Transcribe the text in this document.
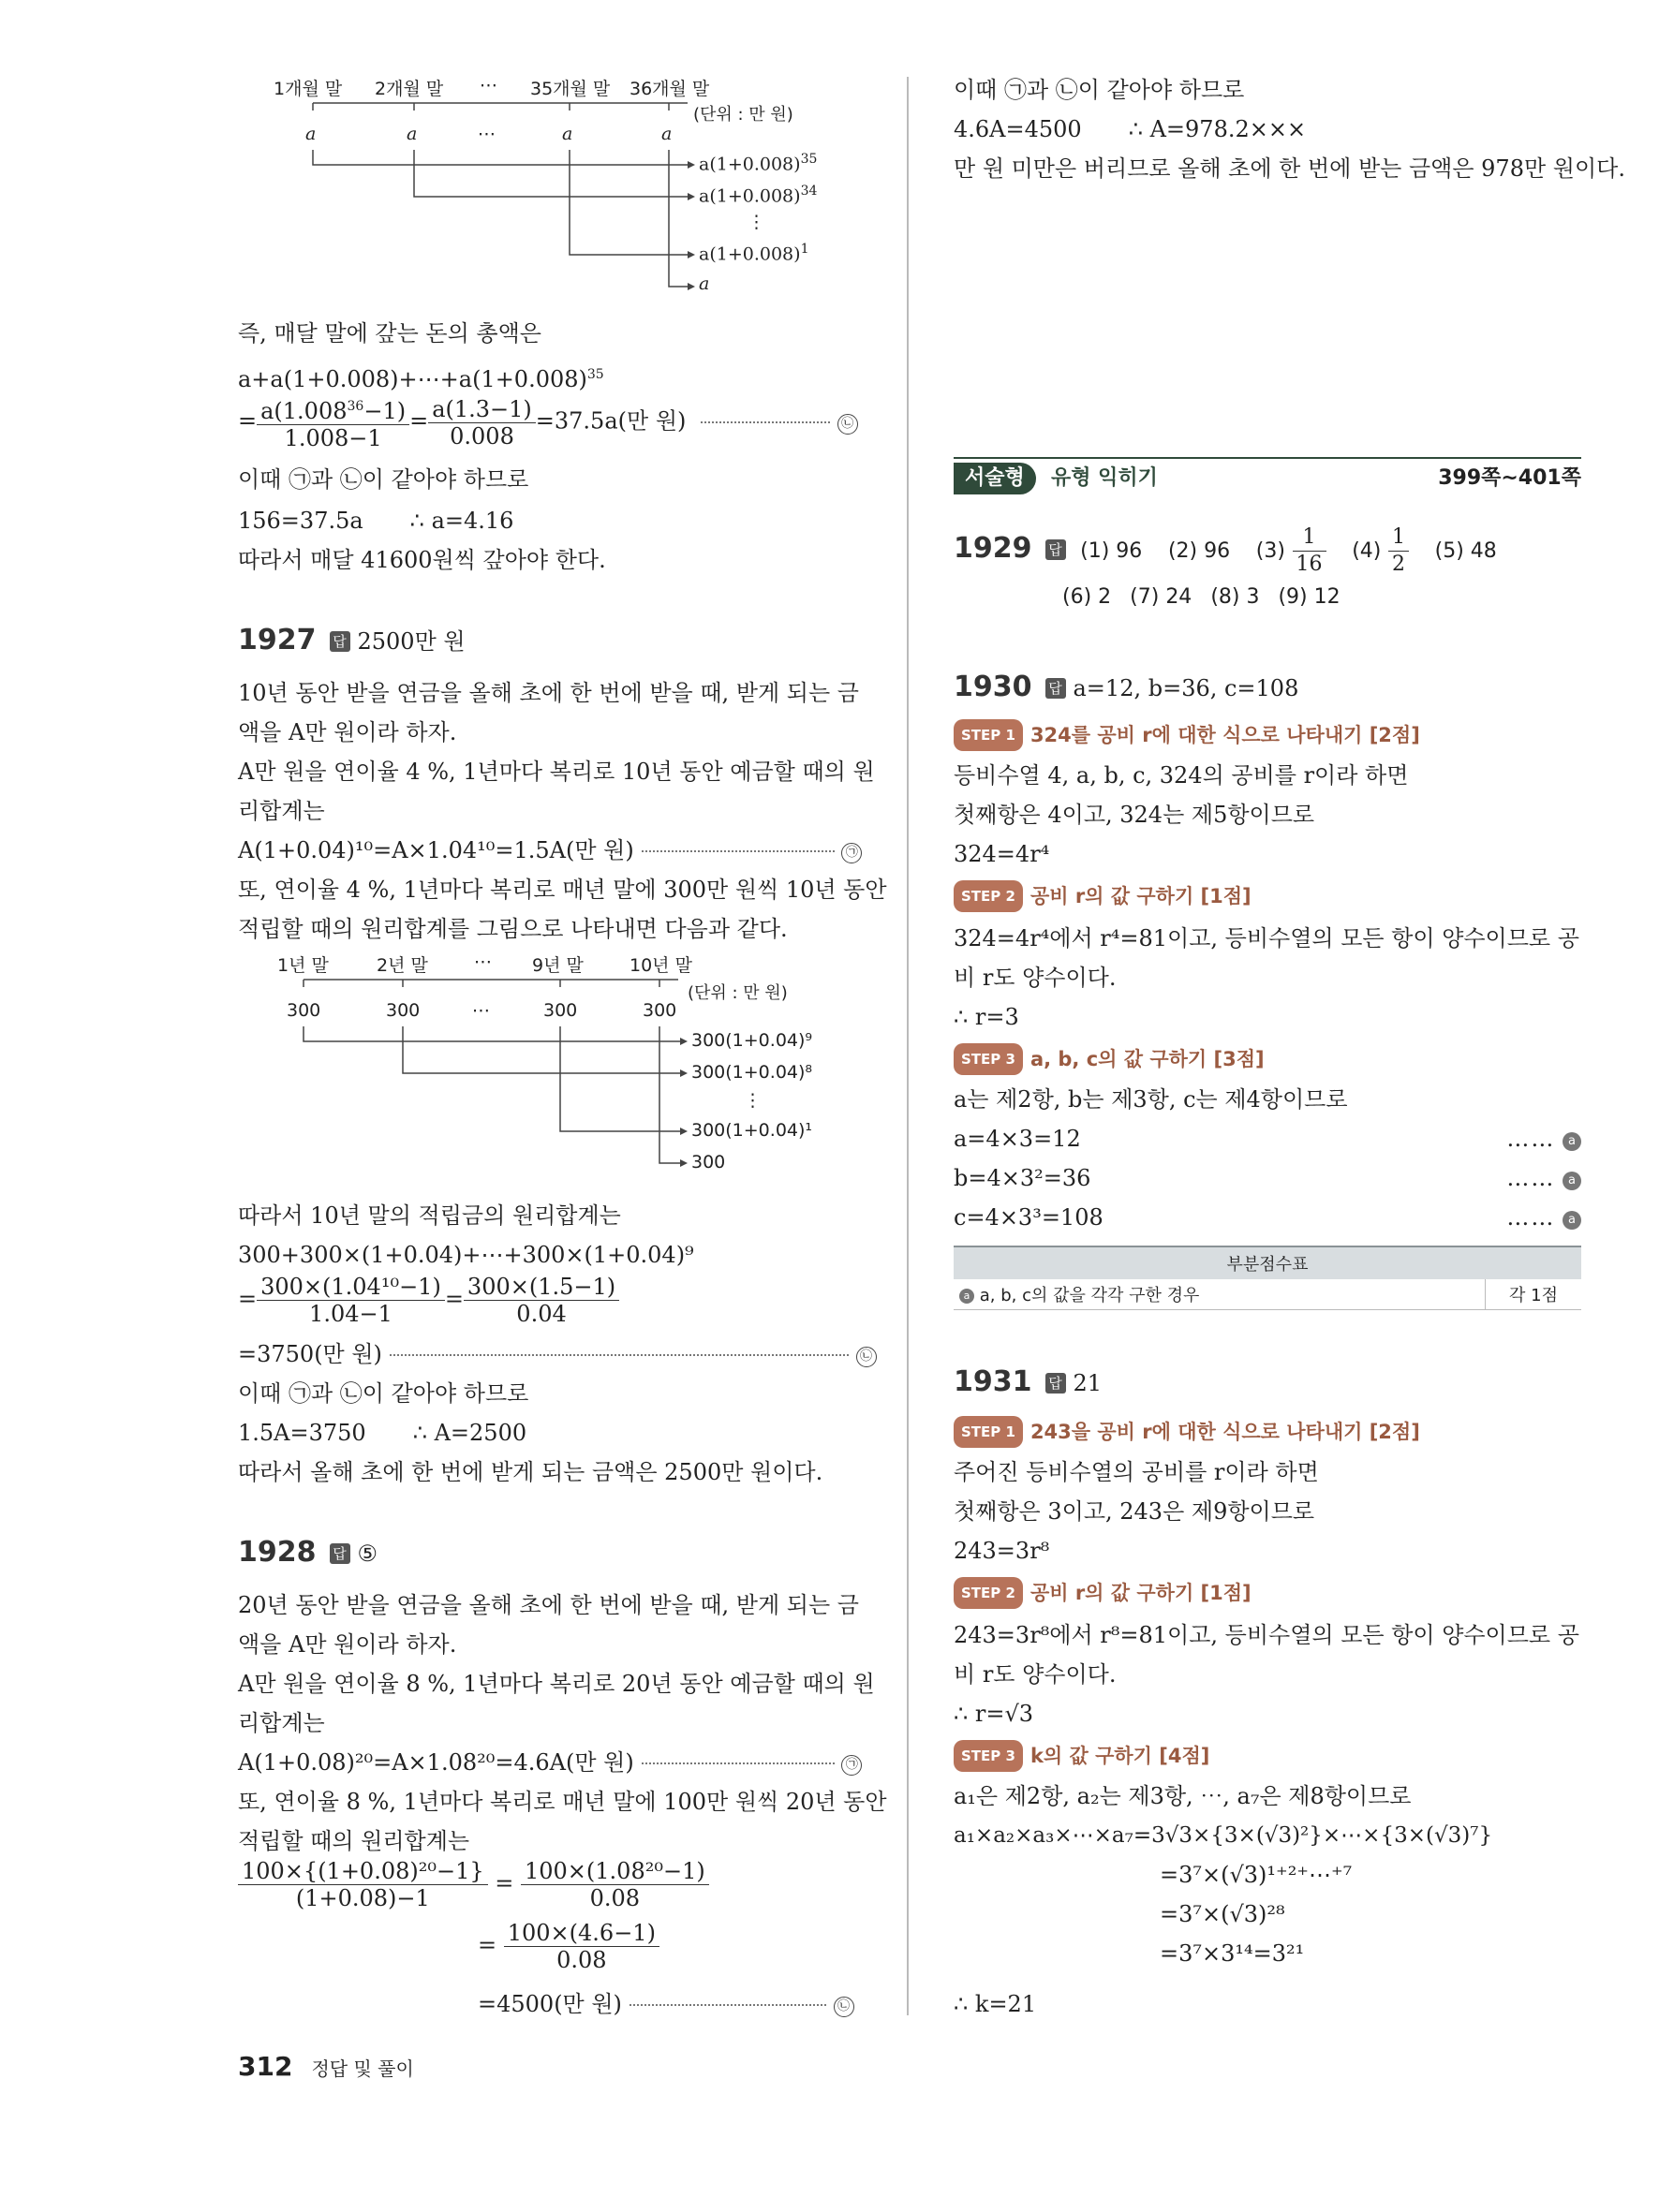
1개월 말 2개월 말 ⋯ 35개월 말 36개월 말
(단위 : 만 원)
a	a	⋯	a	a
$a(1+0.008)^{35}$
$a(1+0.008)^{34}$
⋮
$a(1+0.008)^1$
a
즉, 매달 말에 갚는 돈의 총액은
$a+a(1+0.008)+\cdots+a(1+0.008)^{35}$
= $\frac{a(1.008^{36}-1)}{1.008-1} = \frac{a(1.3-1)}{0.008} =37.5a$(만 원)	㉡
이때 ㉠과 ㉡이 같아야 하므로
156=37.5a ∴ a=4.16
따라서 매달 41600원씩 갚아야 한다.
1927 답 2500만 원
10년 동안 받을 연금을 올해 초에 한 번에 받을 때, 받게 되는 금
액을 A만 원이라 하자.
A만 원을 연이율 4 %, 1년마다 복리로 10년 동안 예금할 때의 원
리합계는
A(1+0.04)¹⁰=A×1.04¹⁰=1.5A(만 원)	㉠
또, 연이율 4 %, 1년마다 복리로 매년 말에 300만 원씩 10년 동안
적립할 때의 원리합계를 그림으로 나타내면 다음과 같다.
1년 말	2년 말	⋯ 9년 말	10년 말
(단위 : 만 원)
300	300	⋯	300	300
300(1+0.04)⁹
300(1+0.04)⁸
⋮
300(1+0.04)¹
300
따라서 10년 말의 적립금의 원리합계는
300+300×(1+0.04)+⋯+300×(1+0.04)⁹
= $\frac{\text{300×(1.04¹⁰−1)}}{1.04-1} = \frac{300\times(1.5-1)}{0.04}$
=3750(만 원)	㉡
이때 ㉠과 ㉡이 같아야 하므로
1.5A=3750 ∴ A=2500
따라서 올해 초에 한 번에 받게 되는 금액은 2500만 원이다.
1928 답 ⑤
20년 동안 받을 연금을 올해 초에 한 번에 받을 때, 받게 되는 금
액을 A만 원이라 하자.
A만 원을 연이율 8 %, 1년마다 복리로 20년 동안 예금할 때의 원
리합계는
A(1+0.08)²⁰=A×1.08²⁰=4.6A(만 원)	㉠
또, 연이율 8 %, 1년마다 복리로 매년 말에 100만 원씩 20년 동안
적립할 때의 원리합계는
$\frac{\text{100×\{(1+0.08)²⁰−1\}}}{(1+0.08)-1} = \frac{\text{100×(1.08²⁰−1)}}{0.08}$
= $\frac{100\times(4.6-1)}{0.08}$
=4500(만 원)	㉡
이때 ㉠과 ㉡이 같아야 하므로
4.6A=4500 ∴ A=978.2×××
만 원 미만은 버리므로 올해 초에 한 번에 받는 금액은 978만 원이다.
서술형	유형 익히기	399쪽~401쪽
1929 답 (1) 96 (2) 96 $(3) \frac{1}{16} (4) \frac{1}{2} (5)$ 48
(6) 2 (7) 24 (8) 3 (9) 12
1930 답 a=12, b=36, c=108
STEP 1 324를 공비 r에 대한 식으로 나타내기 [2점]
등비수열 4, a, b, c, 324의 공비를 r이라 하면
첫째항은 4이고, 324는 제5항이므로
324=4r⁴
STEP 2 공비 r의 값 구하기 [1점]
324=4r⁴에서 r⁴=81이고, 등비수열의 모든 항이 양수이므로 공
비 r도 양수이다.
∴ r=3
STEP 3 a, b, c의 값 구하기 [3점]
a는 제2항, b는 제3항, c는 제4항이므로
a=4×3=12	…… a
b=4×3²=36	…… a
c=4×3³=108	…… a
부분점수표
a a, b, c의 값을 각각 구한 경우	각 1점
1931 답 21
STEP 1 243을 공비 r에 대한 식으로 나타내기 [2점]
주어진 등비수열의 공비를 r이라 하면
첫째항은 3이고, 243은 제9항이므로
243=3r⁸
STEP 2 공비 r의 값 구하기 [1점]
243=3r⁸에서 r⁸=81이고, 등비수열의 모든 항이 양수이므로 공
비 r도 양수이다.
∴ r=√3
STEP 3 k의 값 구하기 [4점]
a₁은 제2항, a₂는 제3항, ⋯, a₇은 제8항이므로
a₁×a₂×a₃×⋯×a₇=3√3×{3×(√3)²}×⋯×{3×(√3)⁷}
=3⁷×(√3)¹⁺²⁺⋯⁺⁷
=3⁷×(√3)²⁸
=3⁷×3¹⁴=3²¹
∴ k=21
312 정답 및 풀이
